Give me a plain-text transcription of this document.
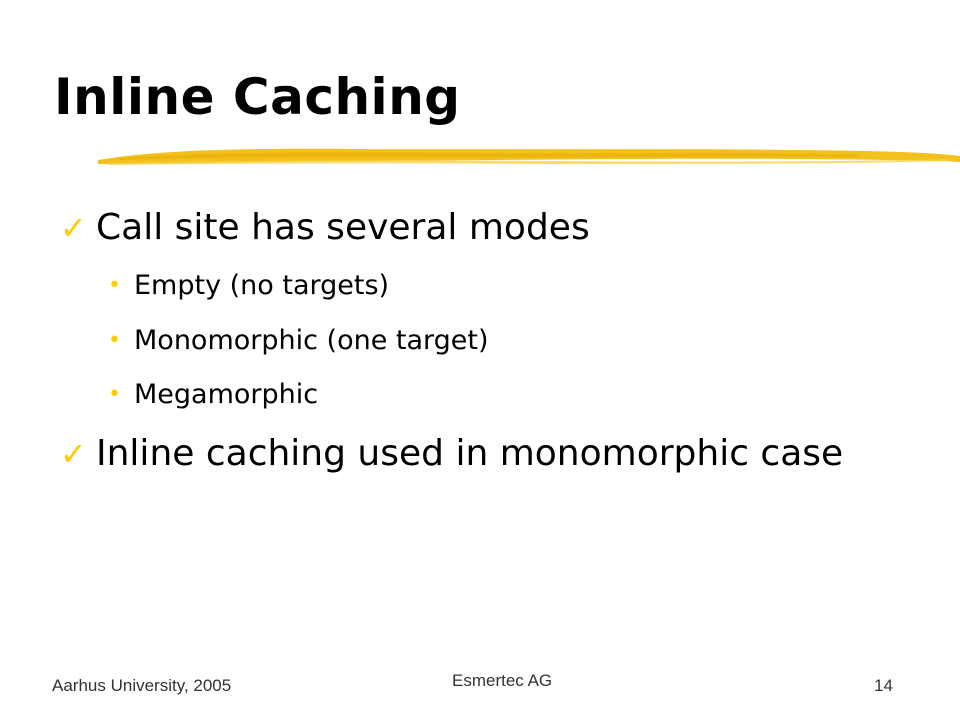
Inline Caching
✓ Call site has several modes
• Empty (no targets)
• Monomorphic (one target)
• Megamorphic
✓ Inline caching used in monomorphic case
Aarhus University, 2005	Esmertec AG	14
